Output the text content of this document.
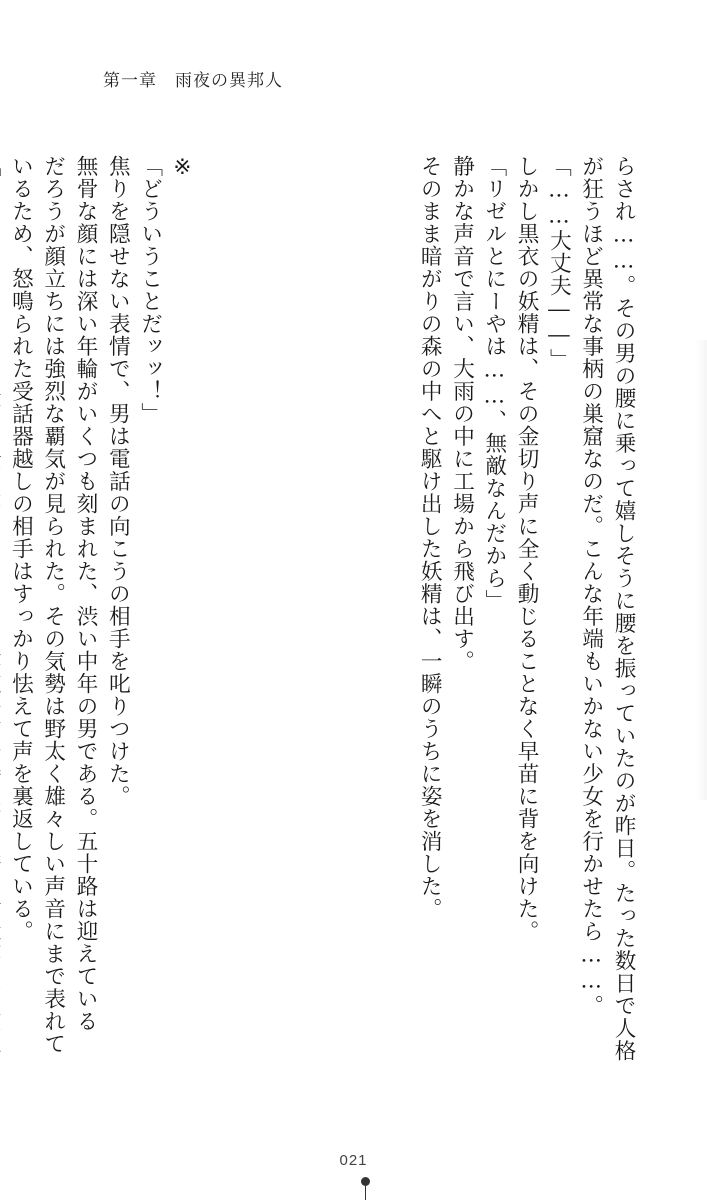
第一章　雨夜の異邦人

らされ……。その男の腰に乗って嬉しそうに腰を振っていたのが昨日。たった数日で人格

が狂うほど異常な事柄の巣窟なのだ。こんな年端もいかない少女を行かせたら……。

「……大丈夫――」

しかし黒衣の妖精は、その金切り声に全く動じることなく早苗に背を向けた。

「リゼルとにーやは……、無敵なんだから」

静かな声音で言い、大雨の中に工場から飛び出す。

そのまま暗がりの森の中へと駆け出した妖精は、一瞬のうちに姿を消した。

※

「どういうことだッッ！」

焦りを隠せない表情で、男は電話の向こうの相手を叱りつけた。

無骨な顔には深い年輪がいくつも刻まれた、渋い中年の男である。五十路は迎えている

だろうが顔立ちには強烈な覇気が見られた。その気勢は野太く雄々しい声音にまで表れて

いるため、怒鳴られた受話器越しの相手はすっかり怯えて声を裏返している。

021
